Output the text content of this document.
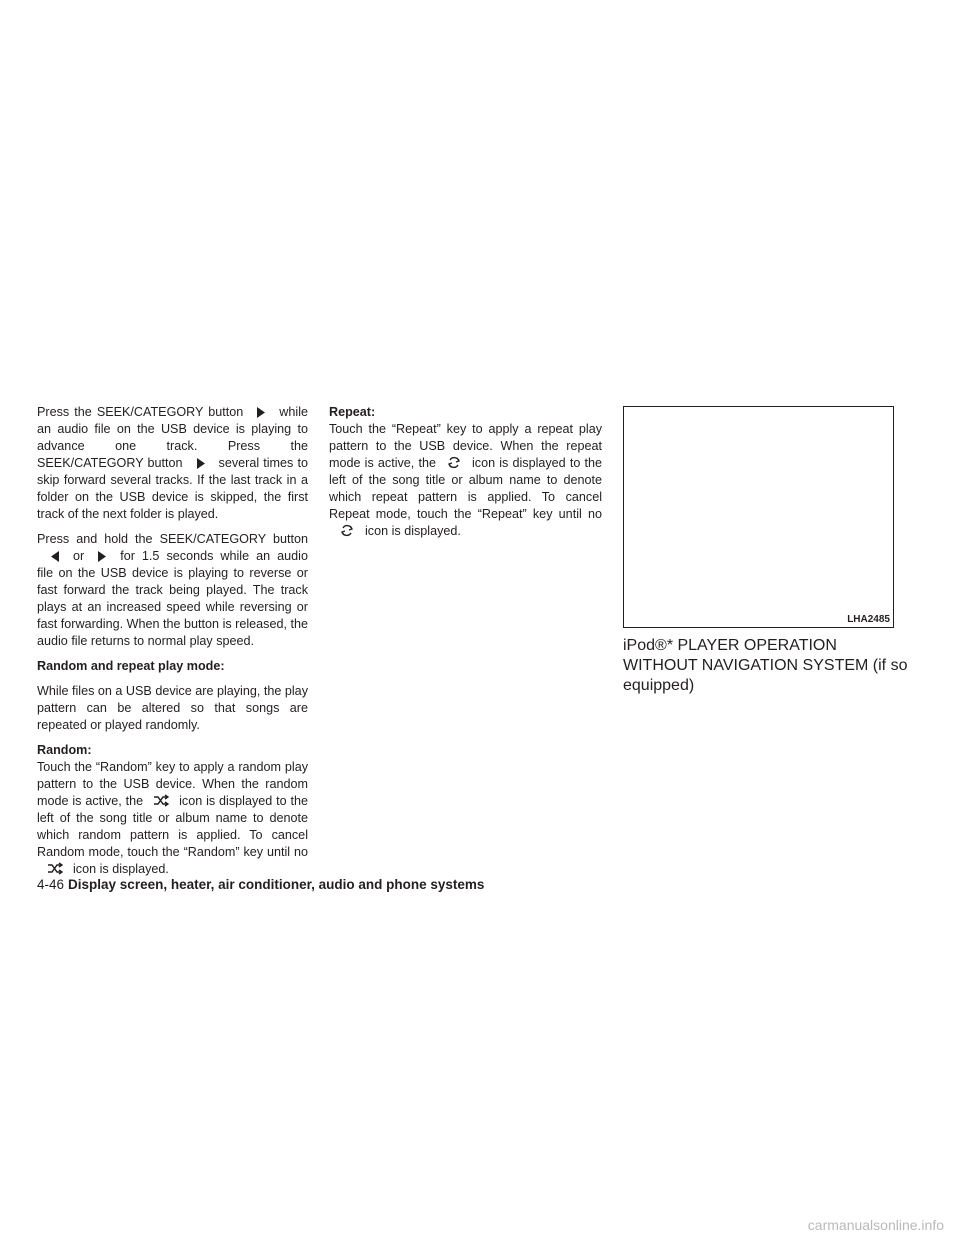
Press the SEEK/CATEGORY button	while an audio file on the USB device is playing to advance one track. Press the SEEK/CATEGORY button	several times to skip forward several tracks. If the last track in a folder on the USB device is skipped, the first track of the next folder is played.

Press and hold the SEEK/CATEGORY buttonor	for 1.5 seconds while an audio file on the USB device is playing to reverse or fast forward the track being played. The track plays at an increased speed while reversing or fast forwarding. When the button is released, the audio file returns to normal play speed.

Random and repeat play mode:

While files on a USB device are playing, the play pattern can be altered so that songs are repeated or played randomly.

Random:

Touch the “Random” key to apply a random play pattern to the USB device. When the random mode is active, the	icon is displayed to the left of the song title or album name to denote which random pattern is applied. To cancel Random mode, touch the “Random” key until noicon is displayed.

Repeat:

Touch the “Repeat” key to apply a repeat play pattern to the USB device. When the repeat mode is active, the	icon is displayed to the left of the song title or album name to denote which repeat pattern is applied. To cancel Repeat mode, touch the “Repeat” key until noicon is displayed.

LHA2485
iPod®* PLAYER OPERATION WITHOUT NAVIGATION SYSTEM (if so equipped)
4-46 Display screen, heater, air conditioner, audio and phone systems
carmanualsonline.info
